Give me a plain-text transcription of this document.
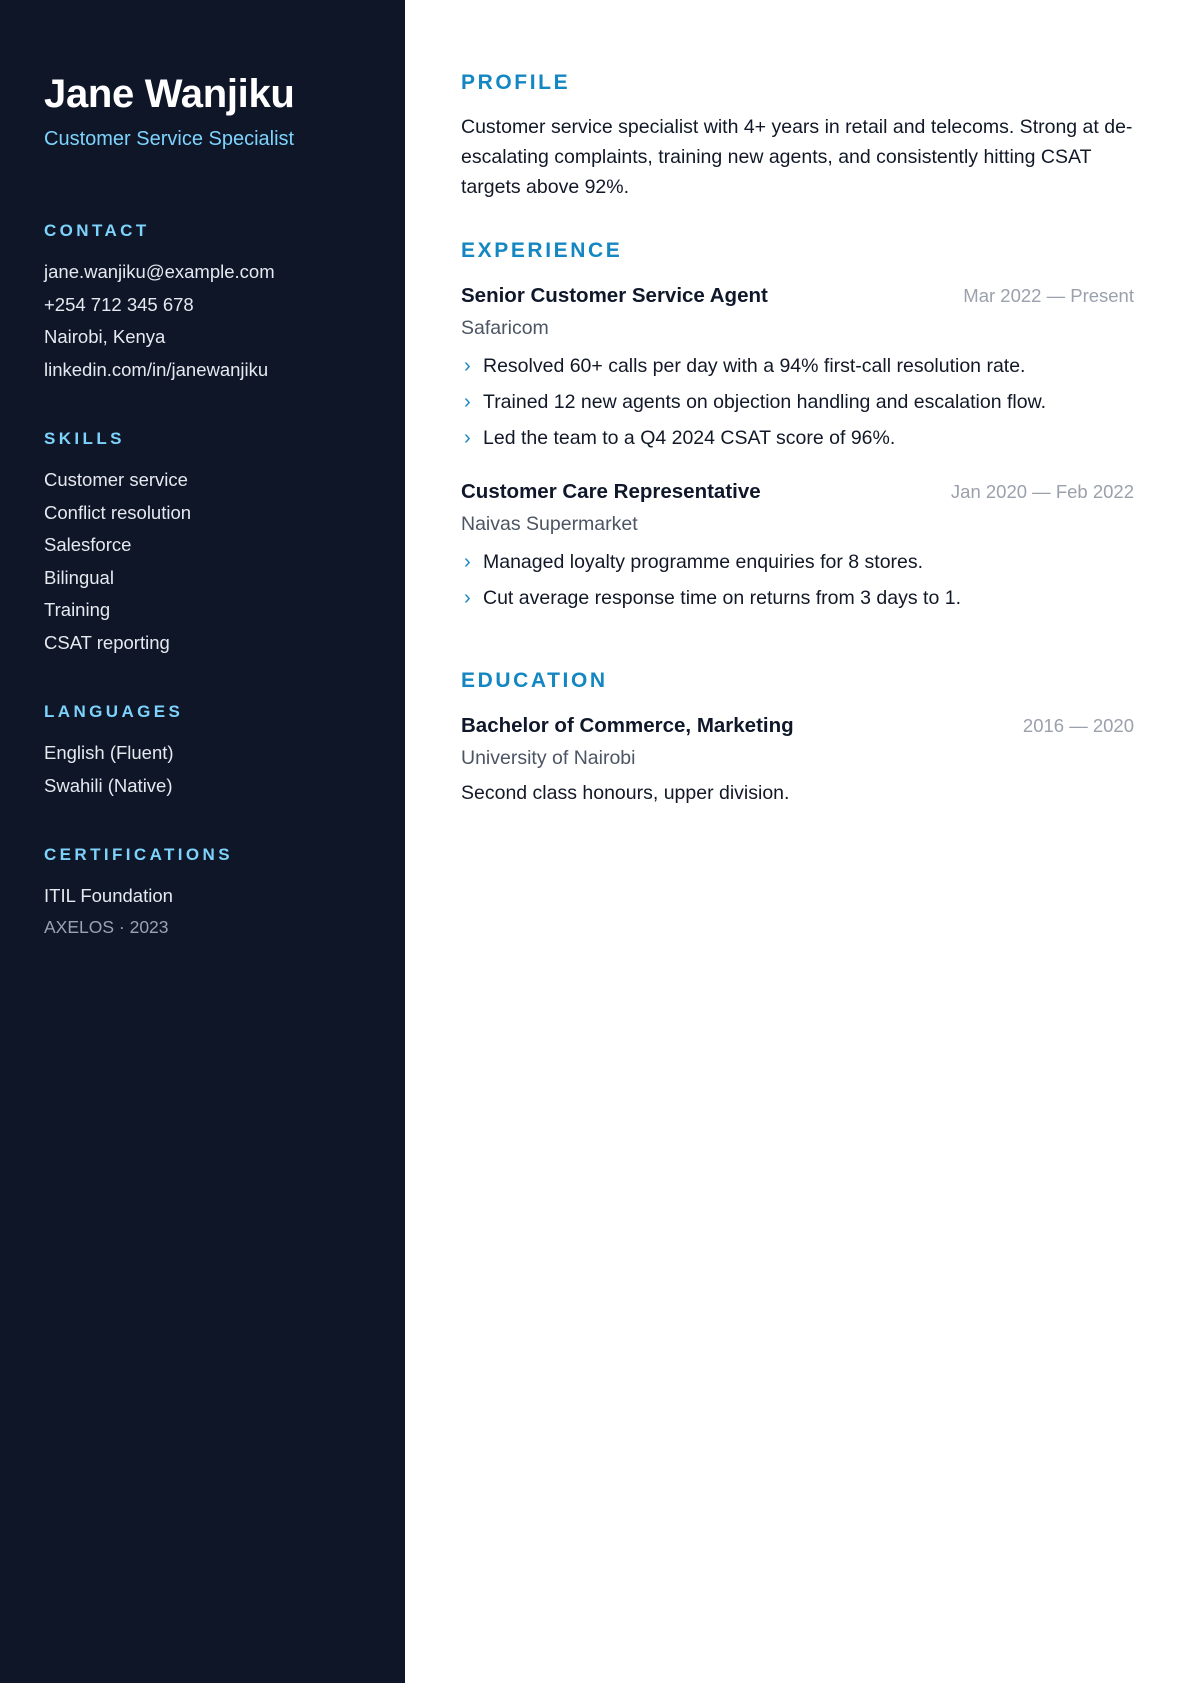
Jane Wanjiku
Customer Service Specialist
CONTACT
jane.wanjiku@example.com
+254 712 345 678
Nairobi, Kenya
linkedin.com/in/janewanjiku
SKILLS
Customer service
Conflict resolution
Salesforce
Bilingual
Training
CSAT reporting
LANGUAGES
English (Fluent)
Swahili (Native)
CERTIFICATIONS
ITIL Foundation
AXELOS · 2023
PROFILE

Customer service specialist with 4+ years in retail and telecoms. Strong at de-escalating complaints, training new agents, and consistently hitting CSAT targets above 92%.

EXPERIENCE
Senior Customer Service Agent	Mar 2022 — Present
Safaricom
› Resolved 60+ calls per day with a 94% first-call resolution rate.
› Trained 12 new agents on objection handling and escalation flow.
› Led the team to a Q4 2024 CSAT score of 96%.
Customer Care Representative	Jan 2020 — Feb 2022
Naivas Supermarket
› Managed loyalty programme enquiries for 8 stores.
› Cut average response time on returns from 3 days to 1.
EDUCATION
Bachelor of Commerce, Marketing	2016 — 2020
University of Nairobi
Second class honours, upper division.
